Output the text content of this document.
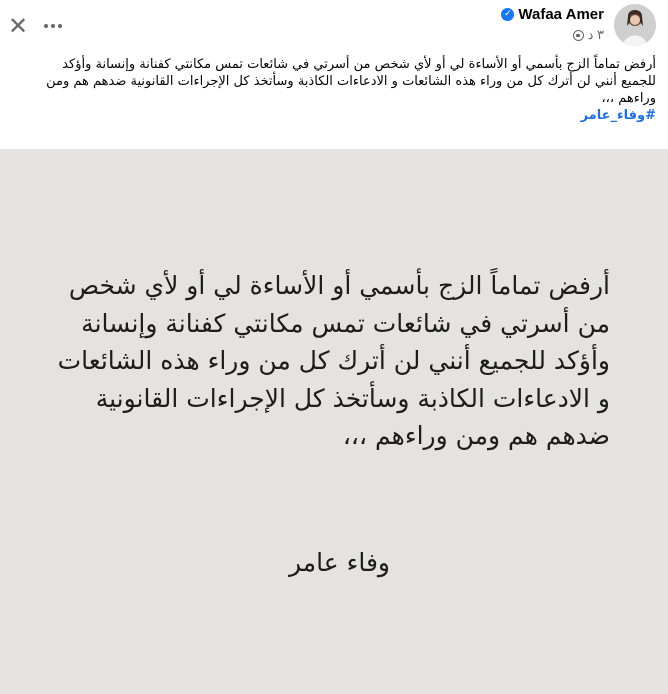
✕	✓ Wafaa Amer
٣ د
أرفض تماماً الزج بأسمي أو الأساءة لي أو لأي شخص من أسرتي في شائعات تمس مكانتي كفنانة وإنسانة وأؤكد للجميع أنني لن أترك كل من وراء هذه الشائعات و الادعاءات الكاذبة وسأتخذ كل الإجراءات القانونية ضدهم هم ومن وراءهم ،،،
#وفاء_عامر
أرفض تماماً الزج بأسمي أو الأساءة لي أو لأي شخص من أسرتي في شائعات تمس مكانتي كفنانة وإنسانة وأؤكد للجميع أنني لن أترك كل من وراء هذه الشائعات و الادعاءات الكاذبة وسأتخذ كل الإجراءات القانونية ضدهم هم ومن وراءهم ،،،
وفاء عامر
